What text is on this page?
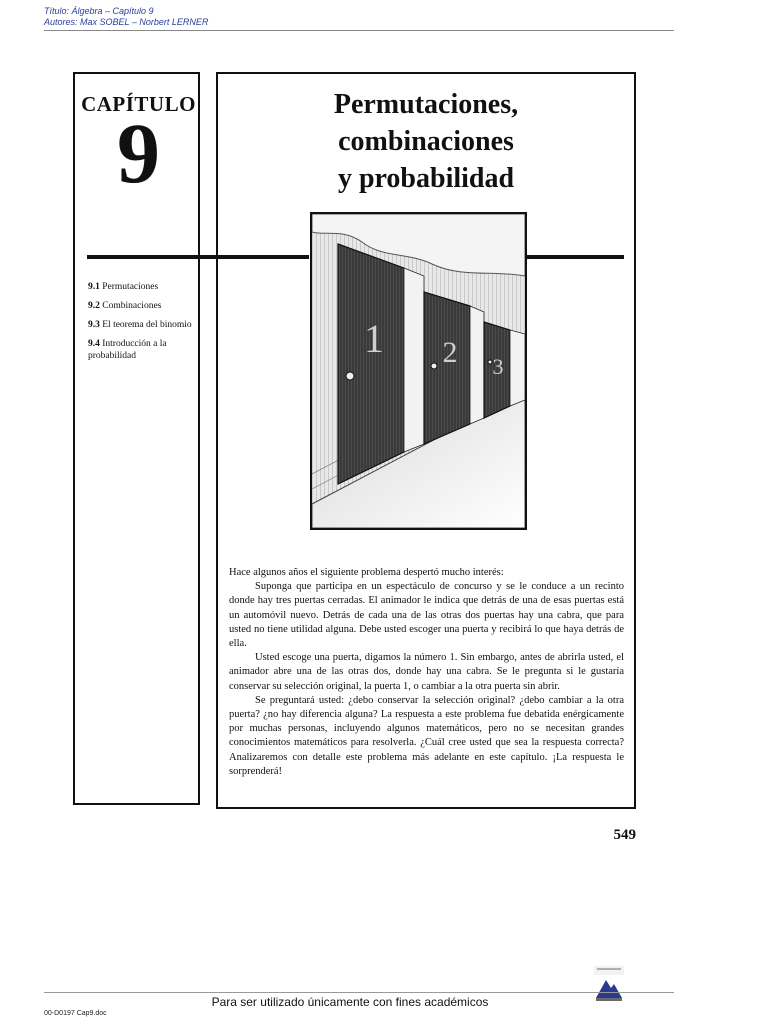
Título: Álgebra – Capítulo 9
Autores: Max SOBEL – Norbert LERNER
CAPÍTULO
9
9.1 Permutaciones
9.2 Combinaciones
9.3 El teorema del binomio
9.4 Introducción a la probabilidad
Permutaciones,
combinaciones
y probabilidad
1 2 3

Hace algunos años el siguiente problema despertó mucho interés:

Suponga que participa en un espectáculo de concurso y se le conduce a un recinto donde hay tres puertas cerradas. El animador le indica que detrás de una de esas puertas está un automóvil nuevo. Detrás de cada una de las otras dos puertas hay una cabra, que para usted no tiene utilidad alguna. Debe usted escoger una puerta y recibirá lo que haya detrás de ella.

Usted escoge una puerta, digamos la número 1. Sin embargo, antes de abrirla usted, el animador abre una de las otras dos, donde hay una cabra. Se le pregunta si le gustaría conservar su selección original, la puerta 1, o cambiar a la otra puerta sin abrir.

Se preguntará usted: ¿debo conservar la selección original? ¿debo cambiar a la otra puerta? ¿no hay diferencia alguna? La respuesta a este problema fue debatida enérgicamente por muchas personas, incluyendo algunos matemáticos, pero no se necesitan grandes conocimientos matemáticos para resolverla. ¿Cuál cree usted que sea la respuesta correcta? Analizaremos con detalle este problema más adelante en este capítulo. ¡La respuesta le sorprenderá!

549
Para ser utilizado únicamente con fines académicos
00-D0197 Cap9.doc
